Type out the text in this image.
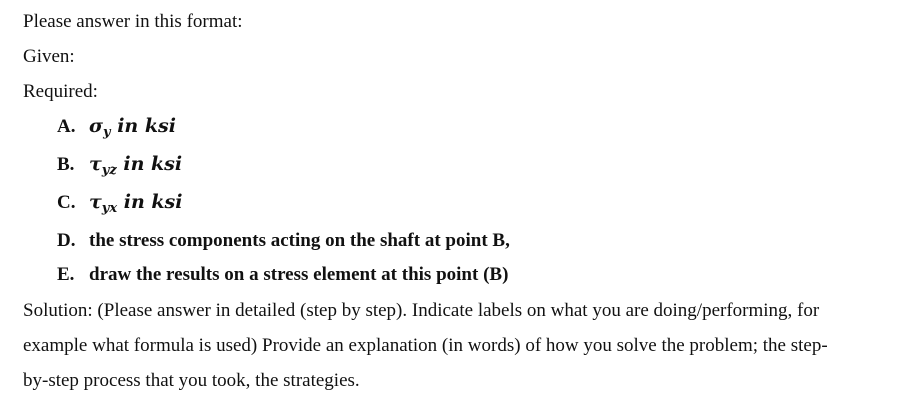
Please answer in this format:
Given:
Required:
A. $\sigma_y$ in ksi
B. $\tau_{yz}$ in ksi
C. $\tau_{yx}$ in ksi
D. the stress components acting on the shaft at point B,
E. draw the results on a stress element at this point (B)
Solution: (Please answer in detailed (step by step). Indicate labels on what you are doing/performing, for
example what formula is used) Provide an explanation (in words) of how you solve the problem; the step-
by-step process that you took, the strategies.
